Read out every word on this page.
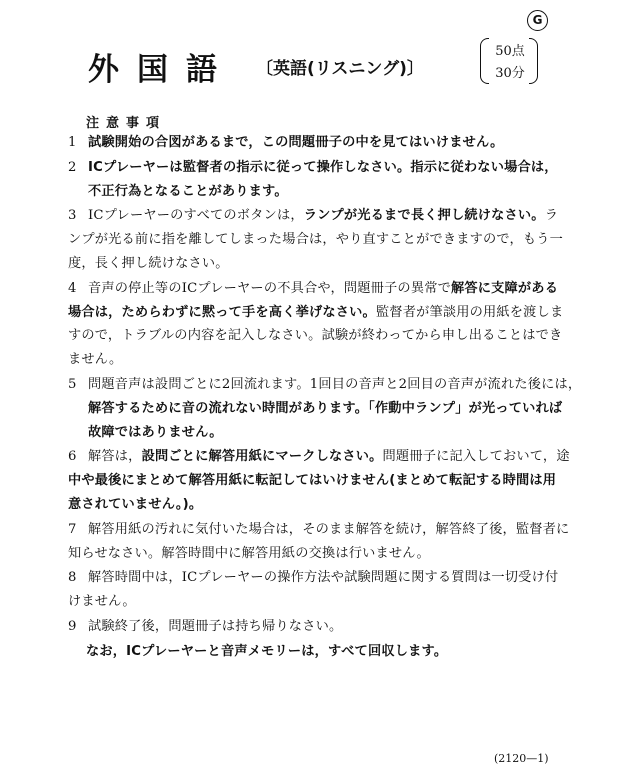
G
外国語 〔英語(リスニング)〕
50点
30分
注意事項
1 試験開始の合図があるまで，この問題冊子の中を見てはいけません。
2 ICプレーヤーは監督者の指示に従って操作しなさい。指示に従わない場合は，
不正行為となることがあります。
3 ICプレーヤーのすべてのボタンは，ランプが光るまで長く押し続けなさい。ラ
ンプが光る前に指を離してしまった場合は，やり直すことができますので，もう一
度，長く押し続けなさい。
4 音声の停止等のICプレーヤーの不具合や，問題冊子の異常で解答に支障がある
場合は，ためらわずに黙って手を高く挙げなさい。監督者が筆談用の用紙を渡しま
すので，トラブルの内容を記入しなさい。試験が終わってから申し出ることはでき
ません。
5 問題音声は設問ごとに2回流れます。1回目の音声と2回目の音声が流れた後には，
解答するために音の流れない時間があります。「作動中ランプ」が光っていれば
故障ではありません。
6 解答は，設問ごとに解答用紙にマークしなさい。問題冊子に記入しておいて，途
中や最後にまとめて解答用紙に転記してはいけません(まとめて転記する時間は用
意されていません。)。
7 解答用紙の汚れに気付いた場合は，そのまま解答を続け，解答終了後，監督者に
知らせなさい。解答時間中に解答用紙の交換は行いません。
8 解答時間中は，ICプレーヤーの操作方法や試験問題に関する質問は一切受け付
けません。
9 試験終了後，問題冊子は持ち帰りなさい。
なお，ICプレーヤーと音声メモリーは，すべて回収します。
(2120—1)
